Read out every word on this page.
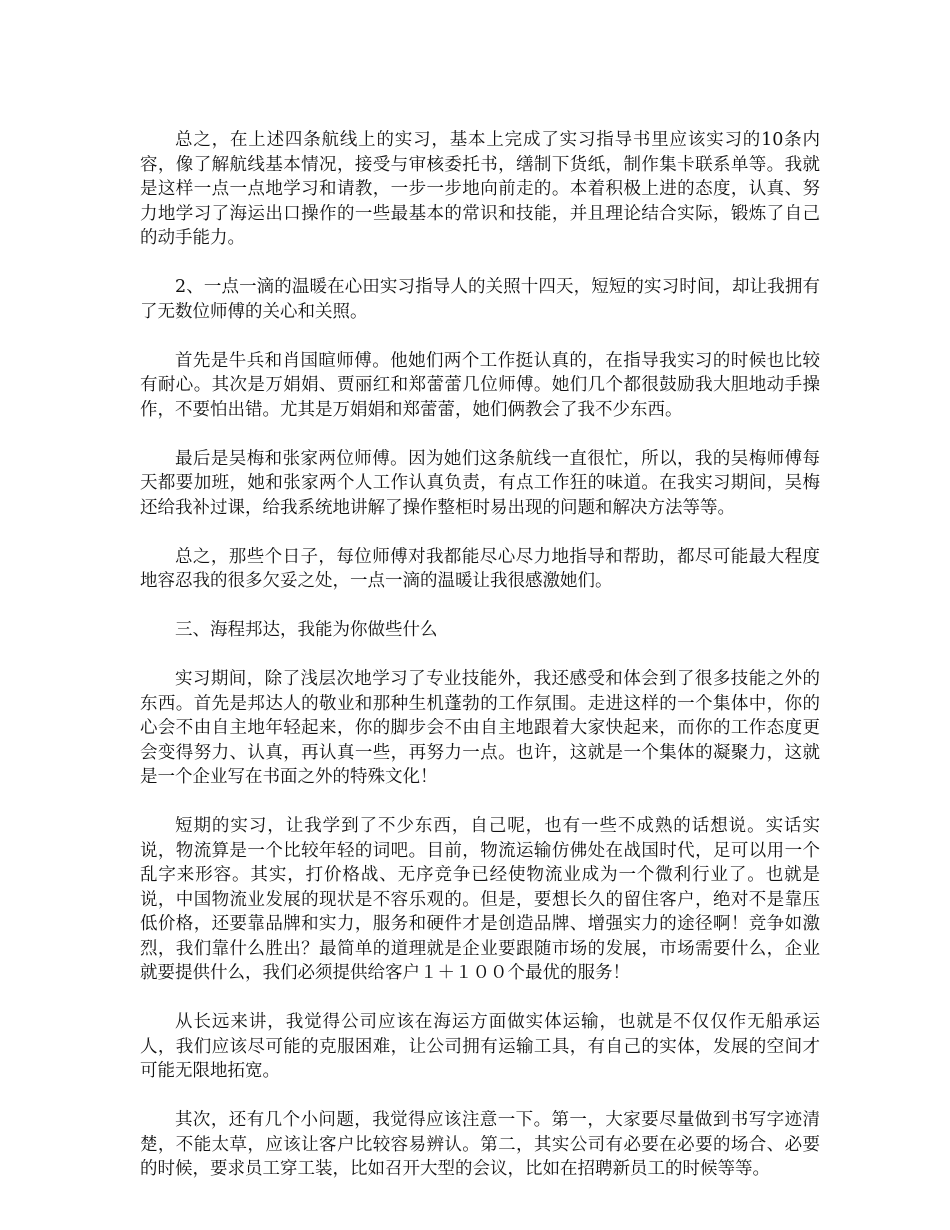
总之，在上述四条航线上的实习，基本上完成了实习指导书里应该实习的10条内容，像了解航线基本情况，接受与审核委托书，缮制下货纸，制作集卡联系单等。我就是这样一点一点地学习和请教，一步一步地向前走的。本着积极上进的态度，认真、努力地学习了海运出口操作的一些最基本的常识和技能，并且理论结合实际，锻炼了自己的动手能力。

2、一点一滴的温暖在心田实习指导人的关照十四天，短短的实习时间，却让我拥有了无数位师傅的关心和关照。

首先是牛兵和肖国暄师傅。他她们两个工作挺认真的，在指导我实习的时候也比较有耐心。其次是万娟娟、贾丽红和郑蕾蕾几位师傅。她们几个都很鼓励我大胆地动手操作，不要怕出错。尤其是万娟娟和郑蕾蕾，她们俩教会了我不少东西。

最后是吴梅和张家两位师傅。因为她们这条航线一直很忙，所以，我的吴梅师傅每天都要加班，她和张家两个人工作认真负责，有点工作狂的味道。在我实习期间，吴梅还给我补过课，给我系统地讲解了操作整柜时易出现的问题和解决方法等等。

总之，那些个日子，每位师傅对我都能尽心尽力地指导和帮助，都尽可能最大程度地容忍我的很多欠妥之处，一点一滴的温暖让我很感激她们。

三、海程邦达，我能为你做些什么

实习期间，除了浅层次地学习了专业技能外，我还感受和体会到了很多技能之外的东西。首先是邦达人的敬业和那种生机蓬勃的工作氛围。走进这样的一个集体中，你的心会不由自主地年轻起来，你的脚步会不由自主地跟着大家快起来，而你的工作态度更会变得努力、认真，再认真一些，再努力一点。也许，这就是一个集体的凝聚力，这就是一个企业写在书面之外的特殊文化！

短期的实习，让我学到了不少东西，自己呢，也有一些不成熟的话想说。实话实说，物流算是一个比较年轻的词吧。目前，物流运输仿佛处在战国时代，足可以用一个乱字来形容。其实，打价格战、无序竞争已经使物流业成为一个微利行业了。也就是说，中国物流业发展的现状是不容乐观的。但是，要想长久的留住客户，绝对不是靠压低价格，还要靠品牌和实力，服务和硬件才是创造品牌、增强实力的途径啊！竞争如激烈，我们靠什么胜出？最简单的道理就是企业要跟随市场的发展，市场需要什么，企业就要提供什么，我们必须提供给客户１＋１００个最优的服务！

从长远来讲，我觉得公司应该在海运方面做实体运输，也就是不仅仅作无船承运人，我们应该尽可能的克服困难，让公司拥有运输工具，有自己的实体，发展的空间才可能无限地拓宽。

其次，还有几个小问题，我觉得应该注意一下。第一，大家要尽量做到书写字迹清楚，不能太草，应该让客户比较容易辨认。第二，其实公司有必要在必要的场合、必要的时候，要求员工穿工装，比如召开大型的会议，比如在招聘新员工的时候等等。
